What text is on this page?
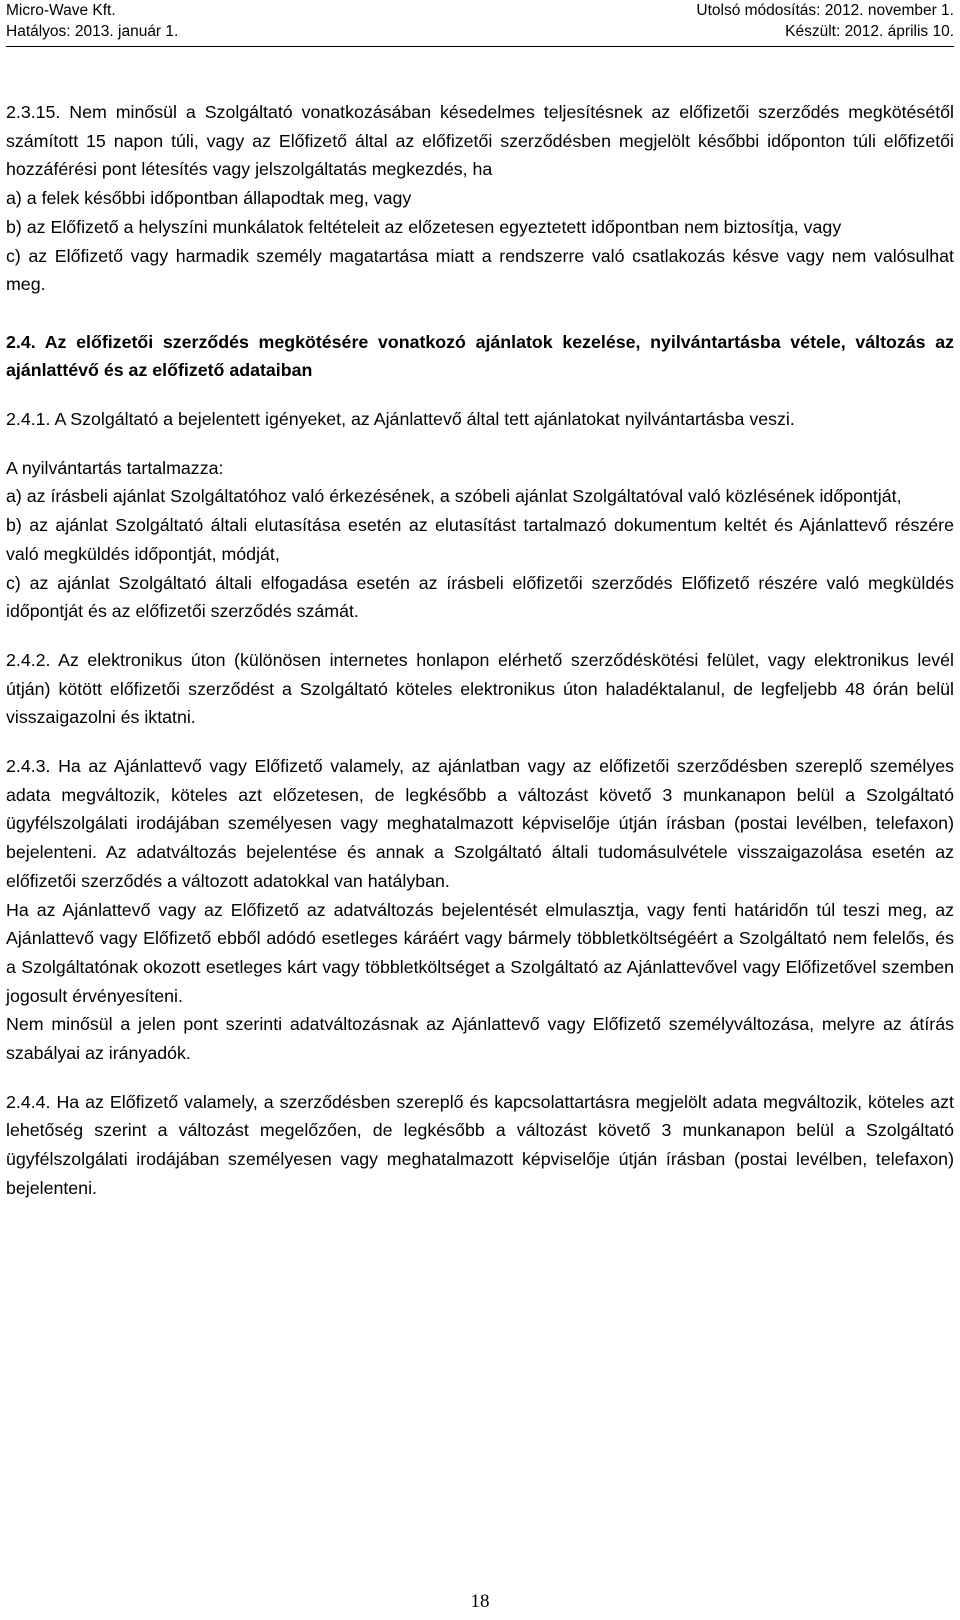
Micro-Wave Kft.	Utolsó módosítás: 2012. november 1.
Hatályos: 2013. január 1.	Készült: 2012. április 10.

2.3.15. Nem minősül a Szolgáltató vonatkozásában késedelmes teljesítésnek az előfizetői szerződés megkötésétől számított 15 napon túli, vagy az Előfizető által az előfizetői szerződésben megjelölt későbbi időponton túli előfizetői hozzáférési pont létesítés vagy jelszolgáltatás megkezdés, ha

a) a felek későbbi időpontban állapodtak meg, vagy

b) az Előfizető a helyszíni munkálatok feltételeit az előzetesen egyeztetett időpontban nem biztosítja, vagy

c) az Előfizető vagy harmadik személy magatartása miatt a rendszerre való csatlakozás késve vagy nem valósulhat meg.

2.4. Az előfizetői szerződés megkötésére vonatkozó ajánlatok kezelése, nyilvántartásba vétele, változás az ajánlattévő és az előfizető adataiban

2.4.1. A Szolgáltató a bejelentett igényeket, az Ajánlattevő által tett ajánlatokat nyilvántartásba veszi.

A nyilvántartás tartalmazza:

a) az írásbeli ajánlat Szolgáltatóhoz való érkezésének, a szóbeli ajánlat Szolgáltatóval való közlésének időpontját,

b) az ajánlat Szolgáltató általi elutasítása esetén az elutasítást tartalmazó dokumentum keltét és Ajánlattevő részére való megküldés időpontját, módját,

c) az ajánlat Szolgáltató általi elfogadása esetén az írásbeli előfizetői szerződés Előfizető részére való megküldés időpontját és az előfizetői szerződés számát.

2.4.2. Az elektronikus úton (különösen internetes honlapon elérhető szerződéskötési felület, vagy elektronikus levél útján) kötött előfizetői szerződést a Szolgáltató köteles elektronikus úton haladéktalanul, de legfeljebb 48 órán belül visszaigazolni és iktatni.

2.4.3. Ha az Ajánlattevő vagy Előfizető valamely, az ajánlatban vagy az előfizetői szerződésben szereplő személyes adata megváltozik, köteles azt előzetesen, de legkésőbb a változást követő 3 munkanapon belül a Szolgáltató ügyfélszolgálati irodájában személyesen vagy meghatalmazott képviselője útján írásban (postai levélben, telefaxon) bejelenteni. Az adatváltozás bejelentése és annak a Szolgáltató általi tudomásulvétele visszaigazolása esetén az előfizetői szerződés a változott adatokkal van hatályban.

Ha az Ajánlattevő vagy az Előfizető az adatváltozás bejelentését elmulasztja, vagy fenti határidőn túl teszi meg, az Ajánlattevő vagy Előfizető ebből adódó esetleges káráért vagy bármely többletköltségéért a Szolgáltató nem felelős, és a Szolgáltatónak okozott esetleges kárt vagy többletköltséget a Szolgáltató az Ajánlattevővel vagy Előfizetővel szemben jogosult érvényesíteni.

Nem minősül a jelen pont szerinti adatváltozásnak az Ajánlattevő vagy Előfizető személyváltozása, melyre az átírás szabályai az irányadók.

2.4.4. Ha az Előfizető valamely, a szerződésben szereplő és kapcsolattartásra megjelölt adata megváltozik, köteles azt lehetőség szerint a változást megelőzően, de legkésőbb a változást követő 3 munkanapon belül a Szolgáltató ügyfélszolgálati irodájában személyesen vagy meghatalmazott képviselője útján írásban (postai levélben, telefaxon) bejelenteni.

18
